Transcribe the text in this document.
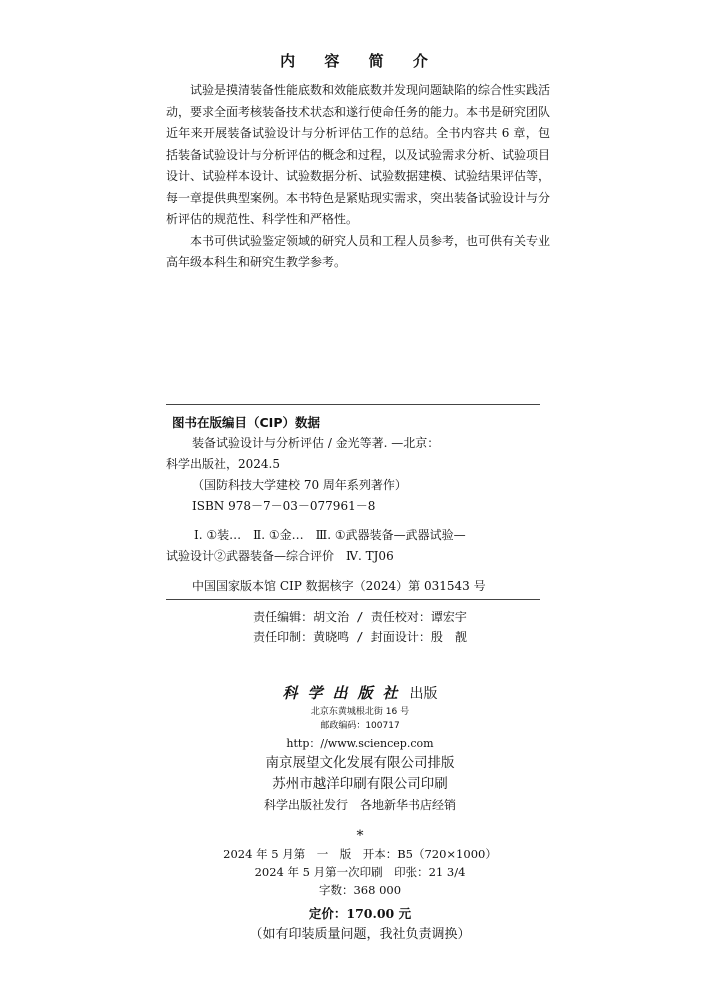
内 容 简 介

试验是摸清装备性能底数和效能底数并发现问题缺陷的综合性实践活动，要求全面考核装备技术状态和遂行使命任务的能力。本书是研究团队近年来开展装备试验设计与分析评估工作的总结。全书内容共 6 章，包括装备试验设计与分析评估的概念和过程，以及试验需求分析、试验项目设计、试验样本设计、试验数据分析、试验数据建模、试验结果评估等，每一章提供典型案例。本书特色是紧贴现实需求，突出装备试验设计与分析评估的规范性、科学性和严格性。

本书可供试验鉴定领域的研究人员和工程人员参考，也可供有关专业高年级本科生和研究生教学参考。

图书在版编目（CIP）数据
装备试验设计与分析评估 / 金光等著. —北京：
科学出版社，2024.5
（国防科技大学建校 70 周年系列著作）
ISBN 978－7－03－077961－8
Ⅰ. ①装…　Ⅱ. ①金…　Ⅲ. ①武器装备—武器试验—
试验设计②武器装备—综合评价　Ⅳ. TJ06
中国国家版本馆 CIP 数据核字（2024）第 031543 号
责任编辑：胡文治 / 责任校对：谭宏宇
责任印制：黄晓鸣 / 封面设计：殷　靓
科学出版社 出版
北京东黄城根北街 16 号
邮政编码：100717
http：//www.sciencep.com
南京展望文化发展有限公司排版
苏州市越洋印刷有限公司印刷
科学出版社发行　各地新华书店经销
*
2024 年 5 月第　一　版　开本：B5（720×1000）
2024 年 5 月第一次印刷　印张：21 3/4
字数：368 000
定价：170.00 元
（如有印装质量问题，我社负责调换）
